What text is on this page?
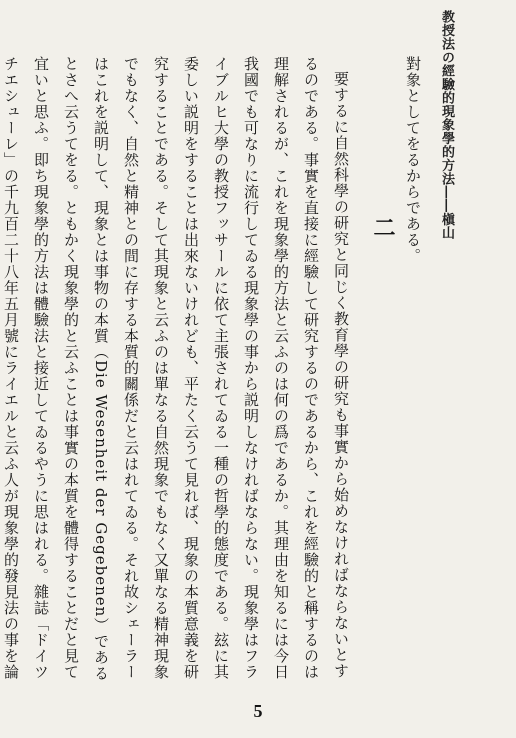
教授法の經驗的現象學的方法――槇山

對象としてをるからである。

二

要するに自然科學の研究と同じく教育學の研究も事實から始めなければならないとするのである。事實を直接に經驗して研究するのであるから、これを經驗的と稱するのは理解されるが、これを現象學的方法と云ふのは何の爲であるか。其理由を知るには今日我國でも可なりに流行してゐる現象學の事から説明しなければならない。現象學はフライブルヒ大學の教授フッサールに依て主張されてゐる一種の哲學的態度である。玆に其委しい説明をすることは出來ないけれども、平たく云うて見れば、現象の本質意義を研究することである。そして其現象と云ふのは單なる自然現象でもなく又單なる精神現象でもなく、自然と精神との間に存する本質的關係だと云はれてゐる。それ故シェーラーはこれを説明して、現象とは事物の本質（Die Wesenheit der Gegebenen）であるとさへ云うてをる。ともかく現象學的と云ふことは事實の本質を體得することだと見て宜いと思ふ。即ち現象學的方法は體驗法と接近してゐるやうに思はれる。雜誌「ドイツチエシューレ」の千九百二十八年五月號にライエルと云ふ人が現象學的發見法の事を論

5
